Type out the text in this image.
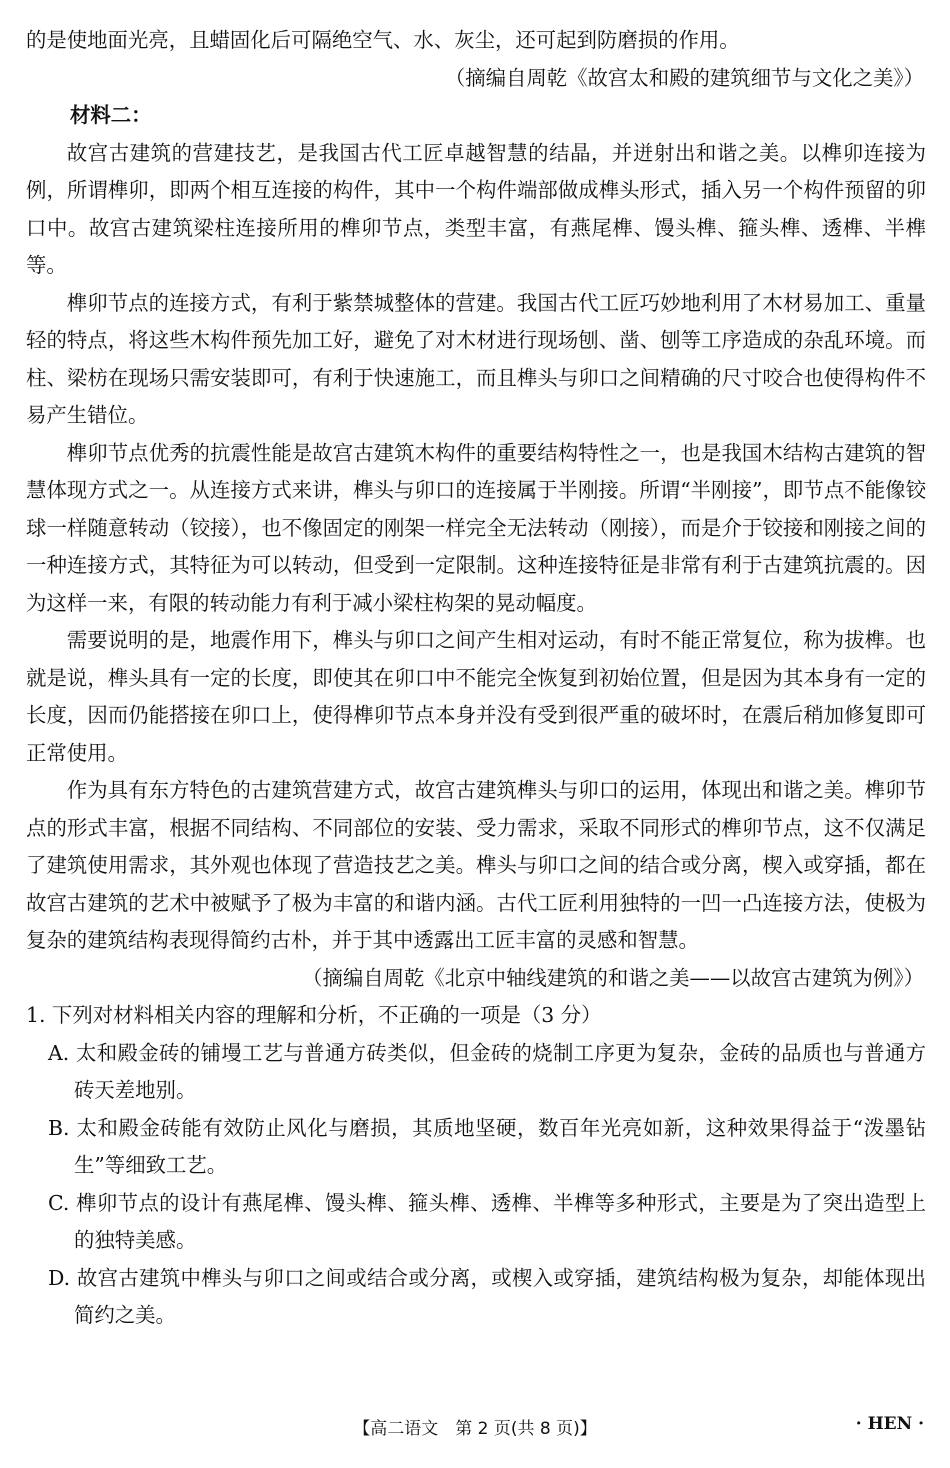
的是使地面光亮，且蜡固化后可隔绝空气、水、灰尘，还可起到防磨损的作用。

（摘编自周乾《故宫太和殿的建筑细节与文化之美》）

材料二：

故宫古建筑的营建技艺，是我国古代工匠卓越智慧的结晶，并迸射出和谐之美。以榫卯连接为例，所谓榫卯，即两个相互连接的构件，其中一个构件端部做成榫头形式，插入另一个构件预留的卯口中。故宫古建筑梁柱连接所用的榫卯节点，类型丰富，有燕尾榫、馒头榫、箍头榫、透榫、半榫等。

榫卯节点的连接方式，有利于紫禁城整体的营建。我国古代工匠巧妙地利用了木材易加工、重量轻的特点，将这些木构件预先加工好，避免了对木材进行现场刨、凿、刨等工序造成的杂乱环境。而柱、梁枋在现场只需安装即可，有利于快速施工，而且榫头与卯口之间精确的尺寸咬合也使得构件不易产生错位。

榫卯节点优秀的抗震性能是故宫古建筑木构件的重要结构特性之一，也是我国木结构古建筑的智慧体现方式之一。从连接方式来讲，榫头与卯口的连接属于半刚接。所谓“半刚接”，即节点不能像铰球一样随意转动（铰接），也不像固定的刚架一样完全无法转动（刚接），而是介于铰接和刚接之间的一种连接方式，其特征为可以转动，但受到一定限制。这种连接特征是非常有利于古建筑抗震的。因为这样一来，有限的转动能力有利于减小梁柱构架的晃动幅度。

需要说明的是，地震作用下，榫头与卯口之间产生相对运动，有时不能正常复位，称为拔榫。也就是说，榫头具有一定的长度，即使其在卯口中不能完全恢复到初始位置，但是因为其本身有一定的长度，因而仍能搭接在卯口上，使得榫卯节点本身并没有受到很严重的破坏时，在震后稍加修复即可正常使用。

作为具有东方特色的古建筑营建方式，故宫古建筑榫头与卯口的运用，体现出和谐之美。榫卯节点的形式丰富，根据不同结构、不同部位的安装、受力需求，采取不同形式的榫卯节点，这不仅满足了建筑使用需求，其外观也体现了营造技艺之美。榫头与卯口之间的结合或分离，楔入或穿插，都在故宫古建筑的艺术中被赋予了极为丰富的和谐内涵。古代工匠利用独特的一凹一凸连接方法，使极为复杂的建筑结构表现得简约古朴，并于其中透露出工匠丰富的灵感和智慧。

（摘编自周乾《北京中轴线建筑的和谐之美——以故宫古建筑为例》）

1. 下列对材料相关内容的理解和分析，不正确的一项是（3 分）

A. 太和殿金砖的铺墁工艺与普通方砖类似，但金砖的烧制工序更为复杂，金砖的品质也与普通方砖天差地别。

B. 太和殿金砖能有效防止风化与磨损，其质地坚硬，数百年光亮如新，这种效果得益于“泼墨钻生”等细致工艺。

C. 榫卯节点的设计有燕尾榫、馒头榫、箍头榫、透榫、半榫等多种形式，主要是为了突出造型上的独特美感。

D. 故宫古建筑中榫头与卯口之间或结合或分离，或楔入或穿插，建筑结构极为复杂，却能体现出简约之美。

【高二语文　第 2 页(共 8 页)】	· HEN ·
